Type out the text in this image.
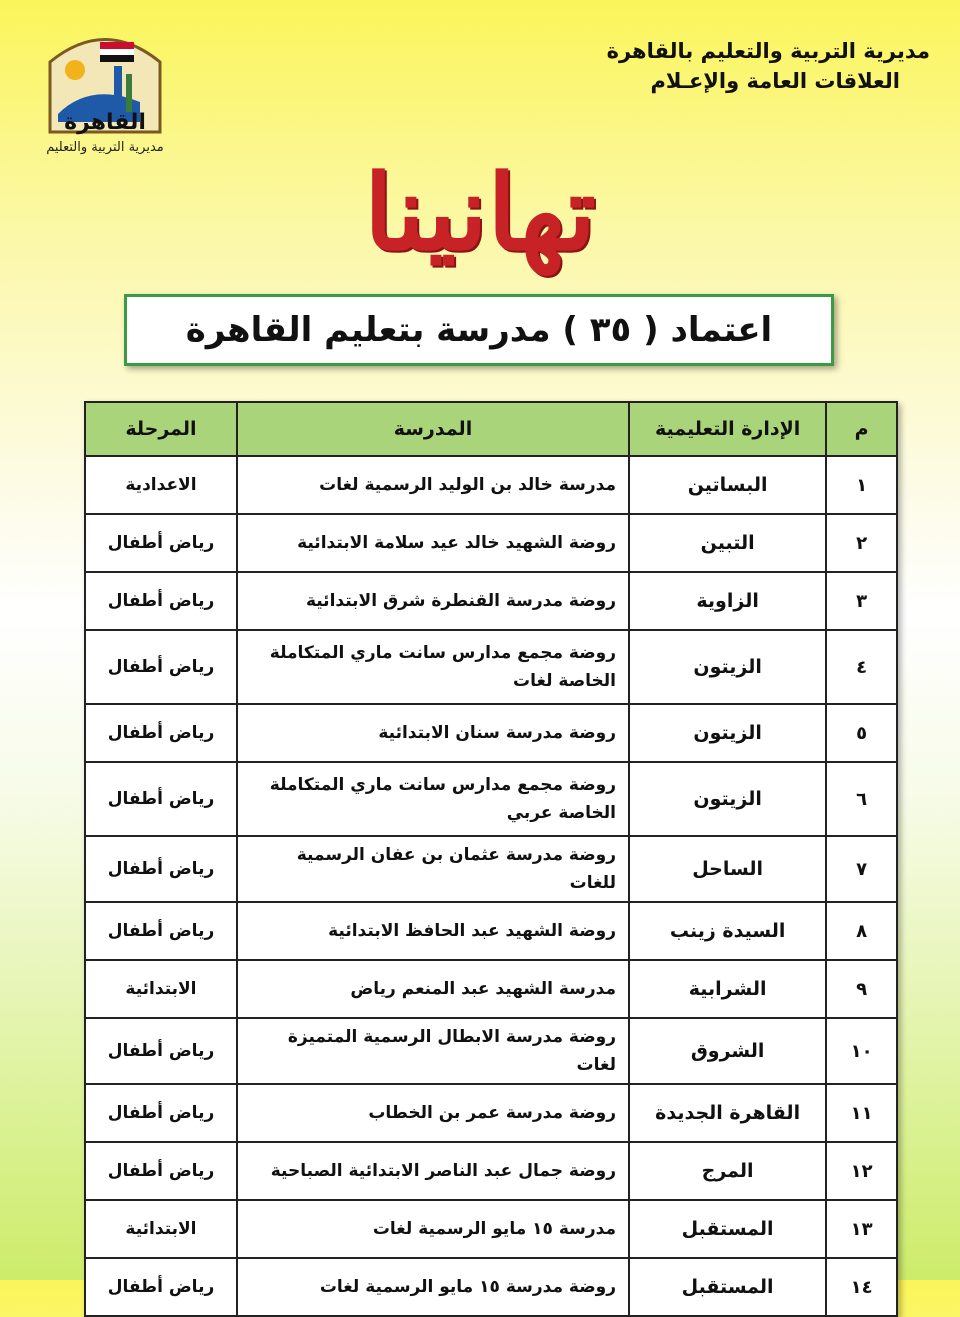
القاهرة
مديرية التربية والتعليم
مديرية التربية والتعليم بالقاهرة
العلاقات العامة والإعـلام
تهانينا
اعتماد ( ٣٥ ) مدرسة بتعليم القاهرة
م	الإدارة التعليمية	المدرسة	المرحلة
١	البساتين	مدرسة خالد بن الوليد الرسمية لغات	الاعدادية
٢	التبين	روضة الشهيد خالد عيد سلامة الابتدائية	رياض أطفال
٣	الزاوية	روضة مدرسة القنطرة شرق الابتدائية	رياض أطفال
٤	الزيتون	روضة مجمع مدارس سانت ماري المتكاملة الخاصة لغات	رياض أطفال
٥	الزيتون	روضة مدرسة سنان الابتدائية	رياض أطفال
٦	الزيتون	روضة مجمع مدارس سانت ماري المتكاملة الخاصة عربي	رياض أطفال
٧	الساحل	روضة مدرسة عثمان بن عفان الرسمية للغات	رياض أطفال
٨	السيدة زينب	روضة الشهيد عبد الحافظ الابتدائية	رياض أطفال
٩	الشرابية	مدرسة الشهيد عبد المنعم رياض	الابتدائية
١٠	الشروق	روضة مدرسة الابطال الرسمية المتميزة لغات	رياض أطفال
١١	القاهرة الجديدة	روضة مدرسة عمر بن الخطاب	رياض أطفال
١٢	المرج	روضة جمال عبد الناصر الابتدائية الصباحية	رياض أطفال
١٣	المستقبل	مدرسة ١٥ مايو الرسمية لغات	الابتدائية
١٤	المستقبل	روضة مدرسة ١٥ مايو الرسمية لغات	رياض أطفال
